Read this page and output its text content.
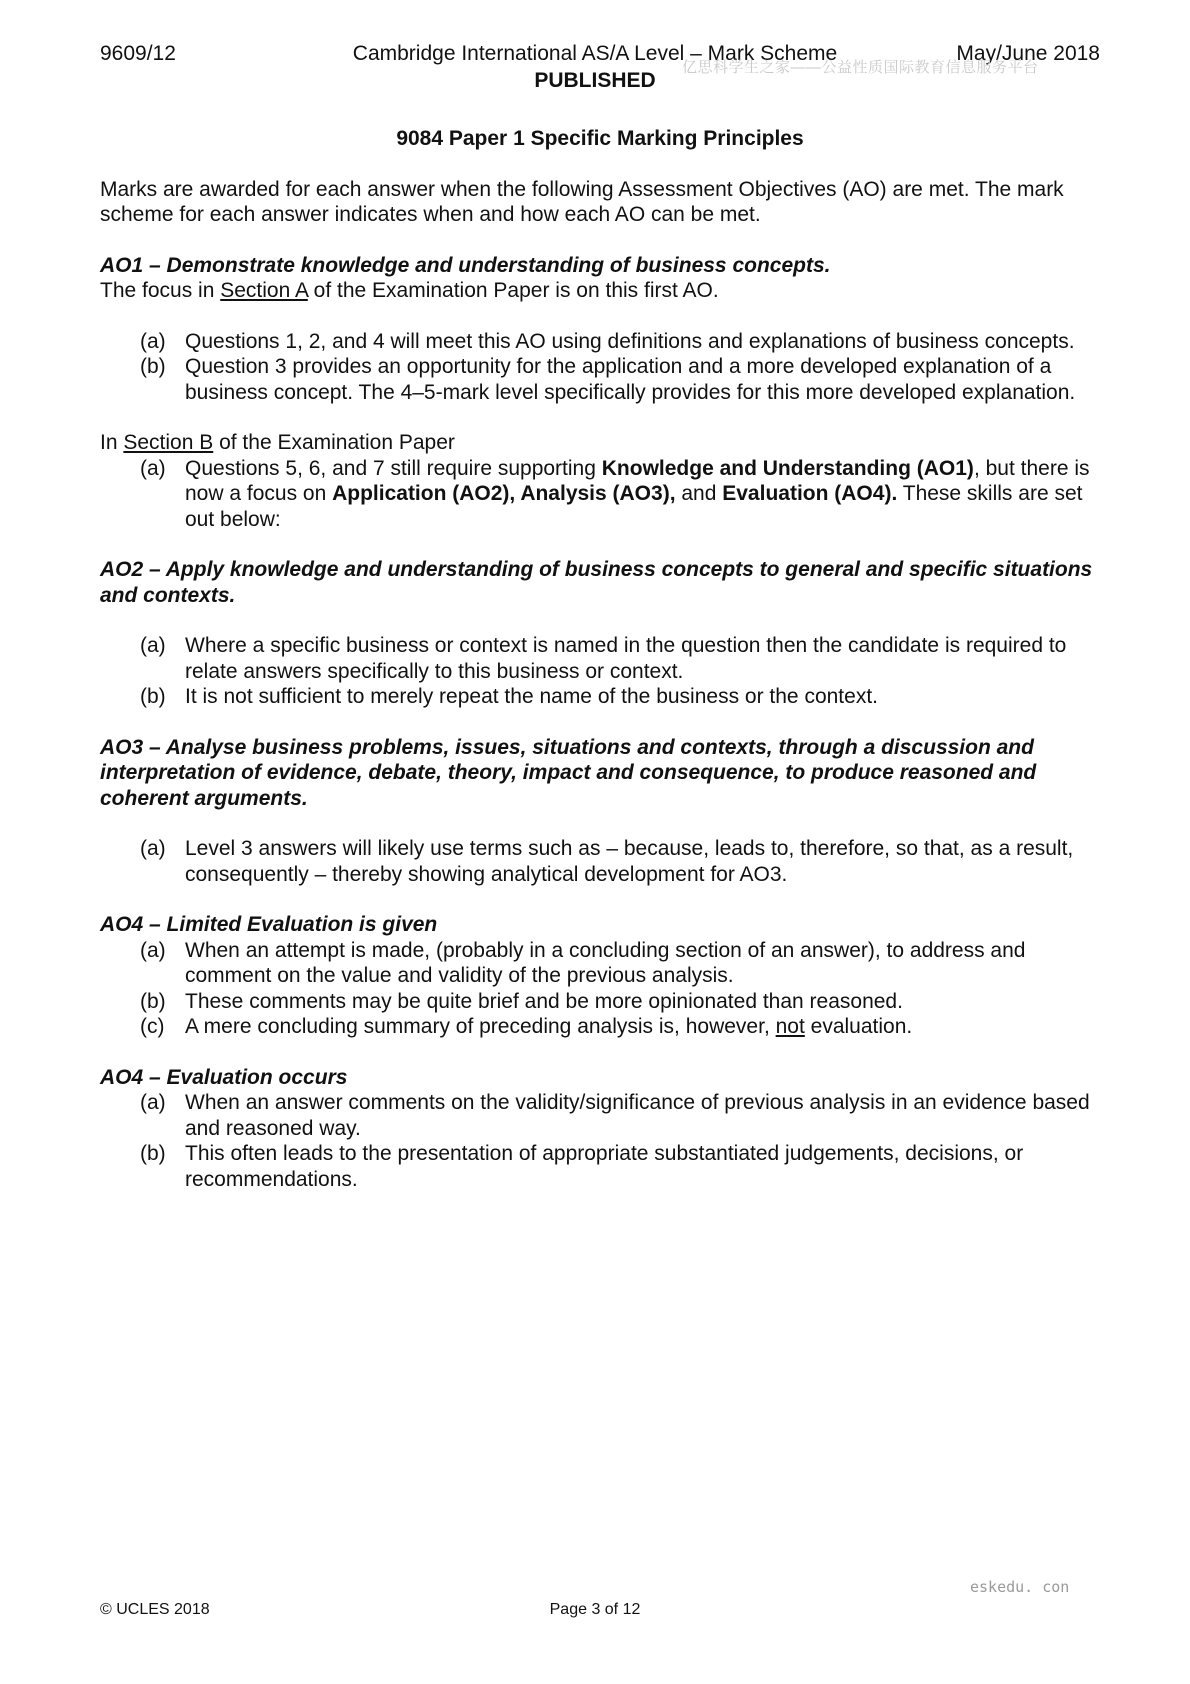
9609/12	Cambridge International AS/A Level – Mark Scheme	May/June 2018
PUBLISHED
亿思科学生之家——公益性质国际教育信息服务平台
9084 Paper 1 Specific Marking Principles

Marks are awarded for each answer when the following Assessment Objectives (AO) are met. The mark scheme for each answer indicates when and how each AO can be met.

AO1 – Demonstrate knowledge and understanding of business concepts.

The focus in Section A of the Examination Paper is on this first AO.

(a) Questions 1, 2, and 4 will meet this AO using definitions and explanations of business concepts.
(b) Question 3 provides an opportunity for the application and a more developed explanation of a business concept. The 4–5-mark level specifically provides for this more developed explanation.

In Section B of the Examination Paper

(a) Questions 5, 6, and 7 still require supporting Knowledge and Understanding (AO1), but there is now a focus on Application (AO2), Analysis (AO3), and Evaluation (AO4). These skills are set out below:

AO2 – Apply knowledge and understanding of business concepts to general and specific situations and contexts.

(a) Where a specific business or context is named in the question then the candidate is required to relate answers specifically to this business or context.
(b) It is not sufficient to merely repeat the name of the business or the context.

AO3 – Analyse business problems, issues, situations and contexts, through a discussion and interpretation of evidence, debate, theory, impact and consequence, to produce reasoned and coherent arguments.

(a) Level 3 answers will likely use terms such as – because, leads to, therefore, so that, as a result, consequently – thereby showing analytical development for AO3.

AO4 – Limited Evaluation is given

(a) When an attempt is made, (probably in a concluding section of an answer), to address and comment on the value and validity of the previous analysis.
(b) These comments may be quite brief and be more opinionated than reasoned.
(c) A mere concluding summary of preceding analysis is, however, not evaluation.

AO4 – Evaluation occurs

(a) When an answer comments on the validity/significance of previous analysis in an evidence based and reasoned way.
(b) This often leads to the presentation of appropriate substantiated judgements, decisions, or recommendations.
eskedu. con
© UCLES 2018	Page 3 of 12
